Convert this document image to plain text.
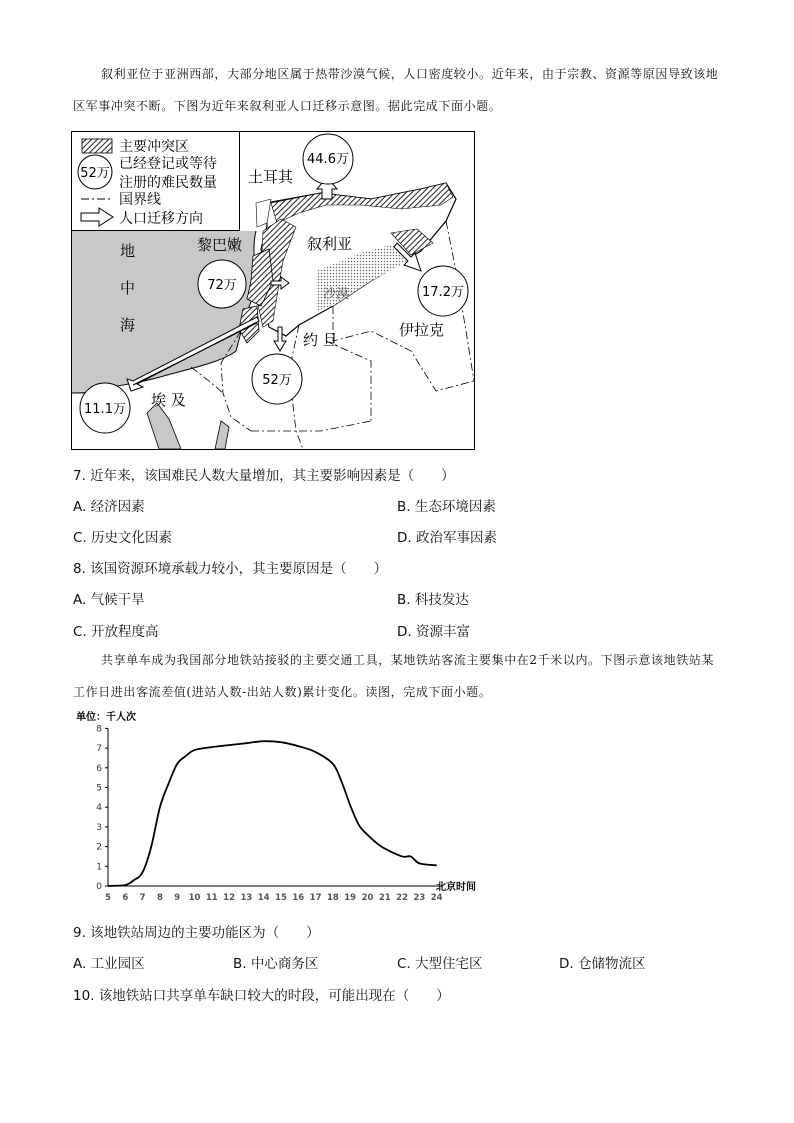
叙利亚位于亚洲西部，大部分地区属于热带沙漠气候，人口密度较小。近年来，由于宗教、资源等原因导致该地区军事冲突不断。下图为近年来叙利亚人口迁移示意图。据此完成下面小题。

主要冲突区
52万
已经登记或等待
注册的难民数量
国界线
人口迁移方向
44.6万
72万	17.2万
52万
11.1万
土耳其
叙利亚
黎巴嫩
伊拉克
约 旦
埃 及
地
中
海
沙漠

7. 近年来，该国难民人数大量增加，其主要影响因素是（　　）

A. 经济因素	B. 生态环境因素
C. 历史文化因素	D. 政治军事因素

8. 该国资源环境承载力较小，其主要原因是（　　）

A. 气候干旱	B. 科技发达
C. 开放程度高	D. 资源丰富

共享单车成为我国部分地铁站接驳的主要交通工具，某地铁站客流主要集中在2千米以内。下图示意该地铁站某工作日进出客流差值(进站人数-出站人数)累计变化。读图，完成下面小题。

单位：千人次
北京时间
0
1
2
3
4
5
6
7
8
5 6 7 8 9 10 11 12 13 14 15 16 17 18 19 20 21 22 23 24

9. 该地铁站周边的主要功能区为（　　）

A. 工业园区	B. 中心商务区	C. 大型住宅区	D. 仓储物流区

10. 该地铁站口共享单车缺口较大的时段，可能出现在（　　）
